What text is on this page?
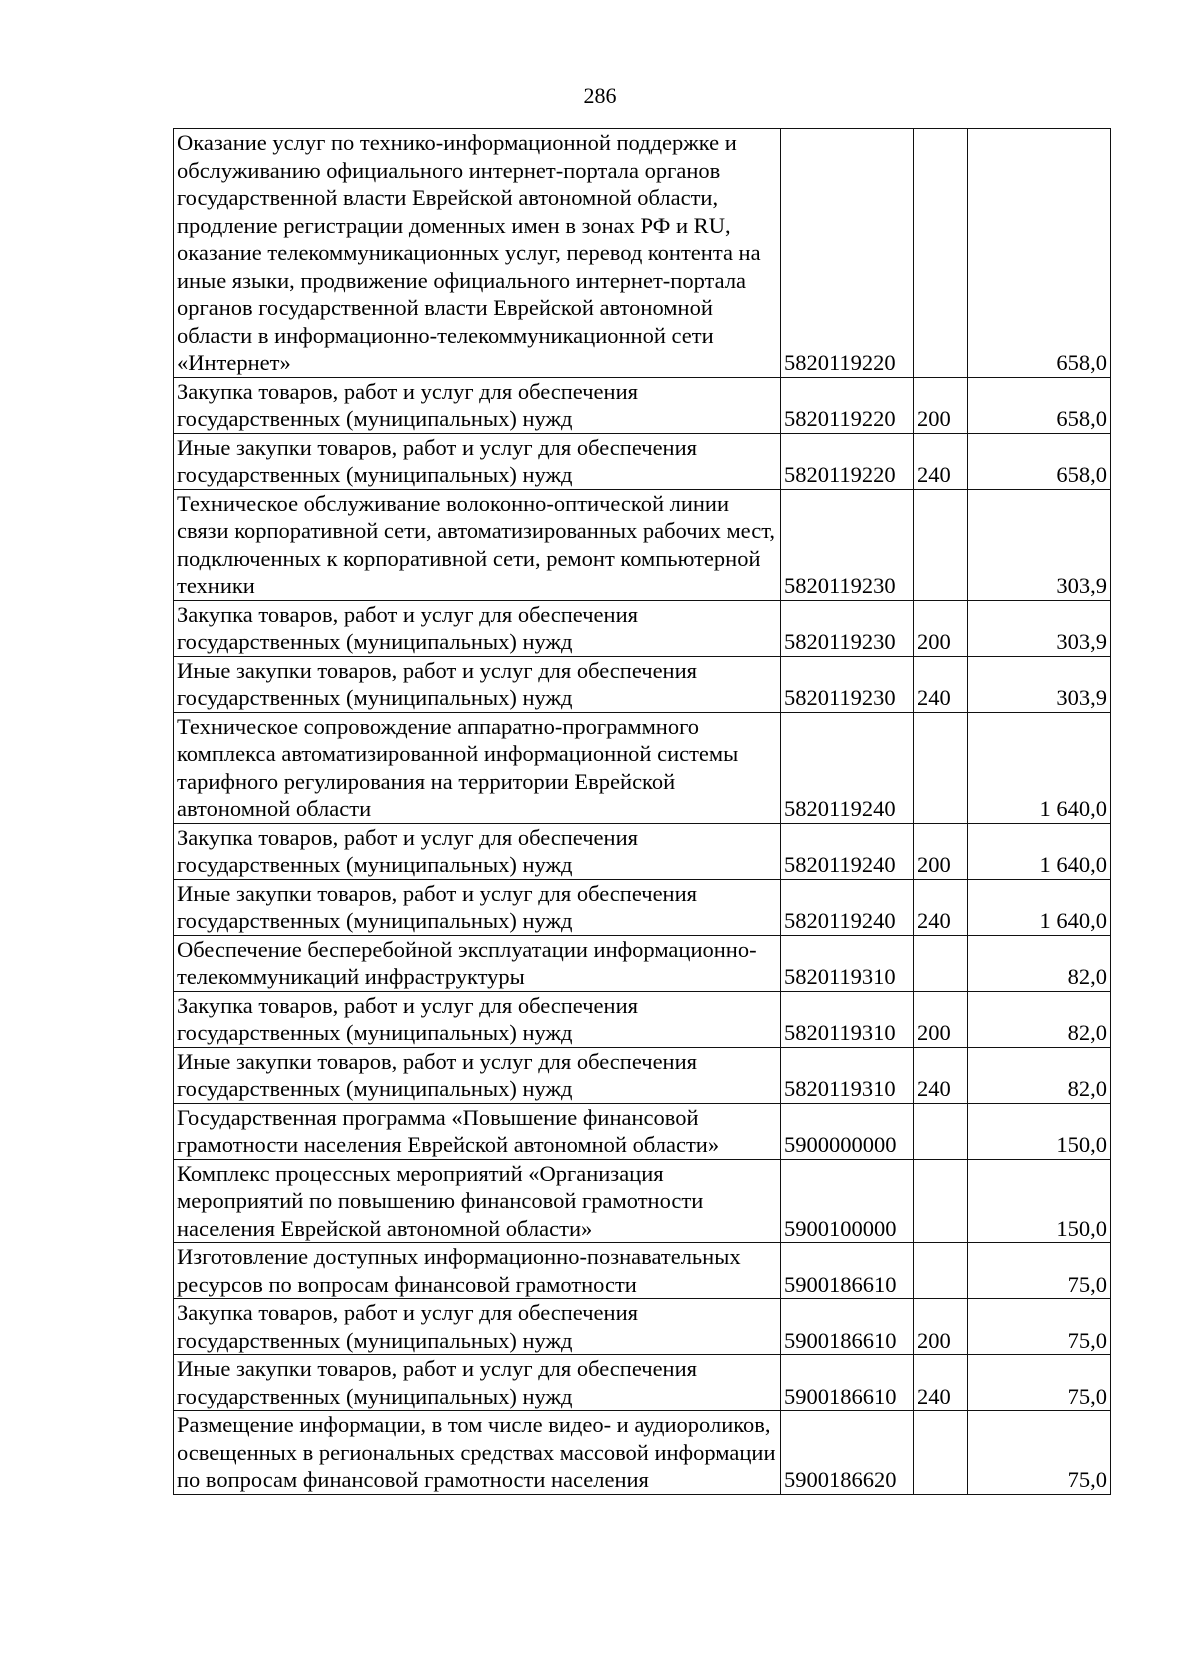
286
Оказание услуг по технико-информационной поддержке и обслуживанию официального интернет-портала органов государственной власти Еврейской автономной области, продление регистрации доменных имен в зонах РФ и RU, оказание телекоммуникационных услуг, перевод контента на иные языки, продвижение официального интернет-портала органов государственной власти Еврейской автономной области в информационно-телекоммуникационной сети «Интернет»	5820119220		658,0
Закупка товаров, работ и услуг для обеспечения государственных (муниципальных) нужд	5820119220	200	658,0
Иные закупки товаров, работ и услуг для обеспечения государственных (муниципальных) нужд	5820119220	240	658,0
Техническое обслуживание волоконно-оптической линии связи корпоративной сети, автоматизированных рабочих мест, подключенных к корпоративной сети, ремонт компьютерной техники	5820119230		303,9
Закупка товаров, работ и услуг для обеспечения государственных (муниципальных) нужд	5820119230	200	303,9
Иные закупки товаров, работ и услуг для обеспечения государственных (муниципальных) нужд	5820119230	240	303,9
Техническое сопровождение аппаратно-программного комплекса автоматизированной информационной системы тарифного регулирования на территории Еврейской автономной области	5820119240		1 640,0
Закупка товаров, работ и услуг для обеспечения государственных (муниципальных) нужд	5820119240	200	1 640,0
Иные закупки товаров, работ и услуг для обеспечения государственных (муниципальных) нужд	5820119240	240	1 640,0
Обеспечение бесперебойной эксплуатации информационно-телекоммуникаций инфраструктуры	5820119310		82,0
Закупка товаров, работ и услуг для обеспечения государственных (муниципальных) нужд	5820119310	200	82,0
Иные закупки товаров, работ и услуг для обеспечения государственных (муниципальных) нужд	5820119310	240	82,0
Государственная программа «Повышение финансовой грамотности населения Еврейской автономной области»	5900000000		150,0
Комплекс процессных мероприятий «Организация мероприятий по повышению финансовой грамотности населения Еврейской автономной области»	5900100000		150,0
Изготовление доступных информационно-познавательных ресурсов по вопросам финансовой грамотности	5900186610		75,0
Закупка товаров, работ и услуг для обеспечения государственных (муниципальных) нужд	5900186610	200	75,0
Иные закупки товаров, работ и услуг для обеспечения государственных (муниципальных) нужд	5900186610	240	75,0
Размещение информации, в том числе видео- и аудиороликов, освещенных в региональных средствах массовой информации по вопросам финансовой грамотности населения	5900186620		75,0
